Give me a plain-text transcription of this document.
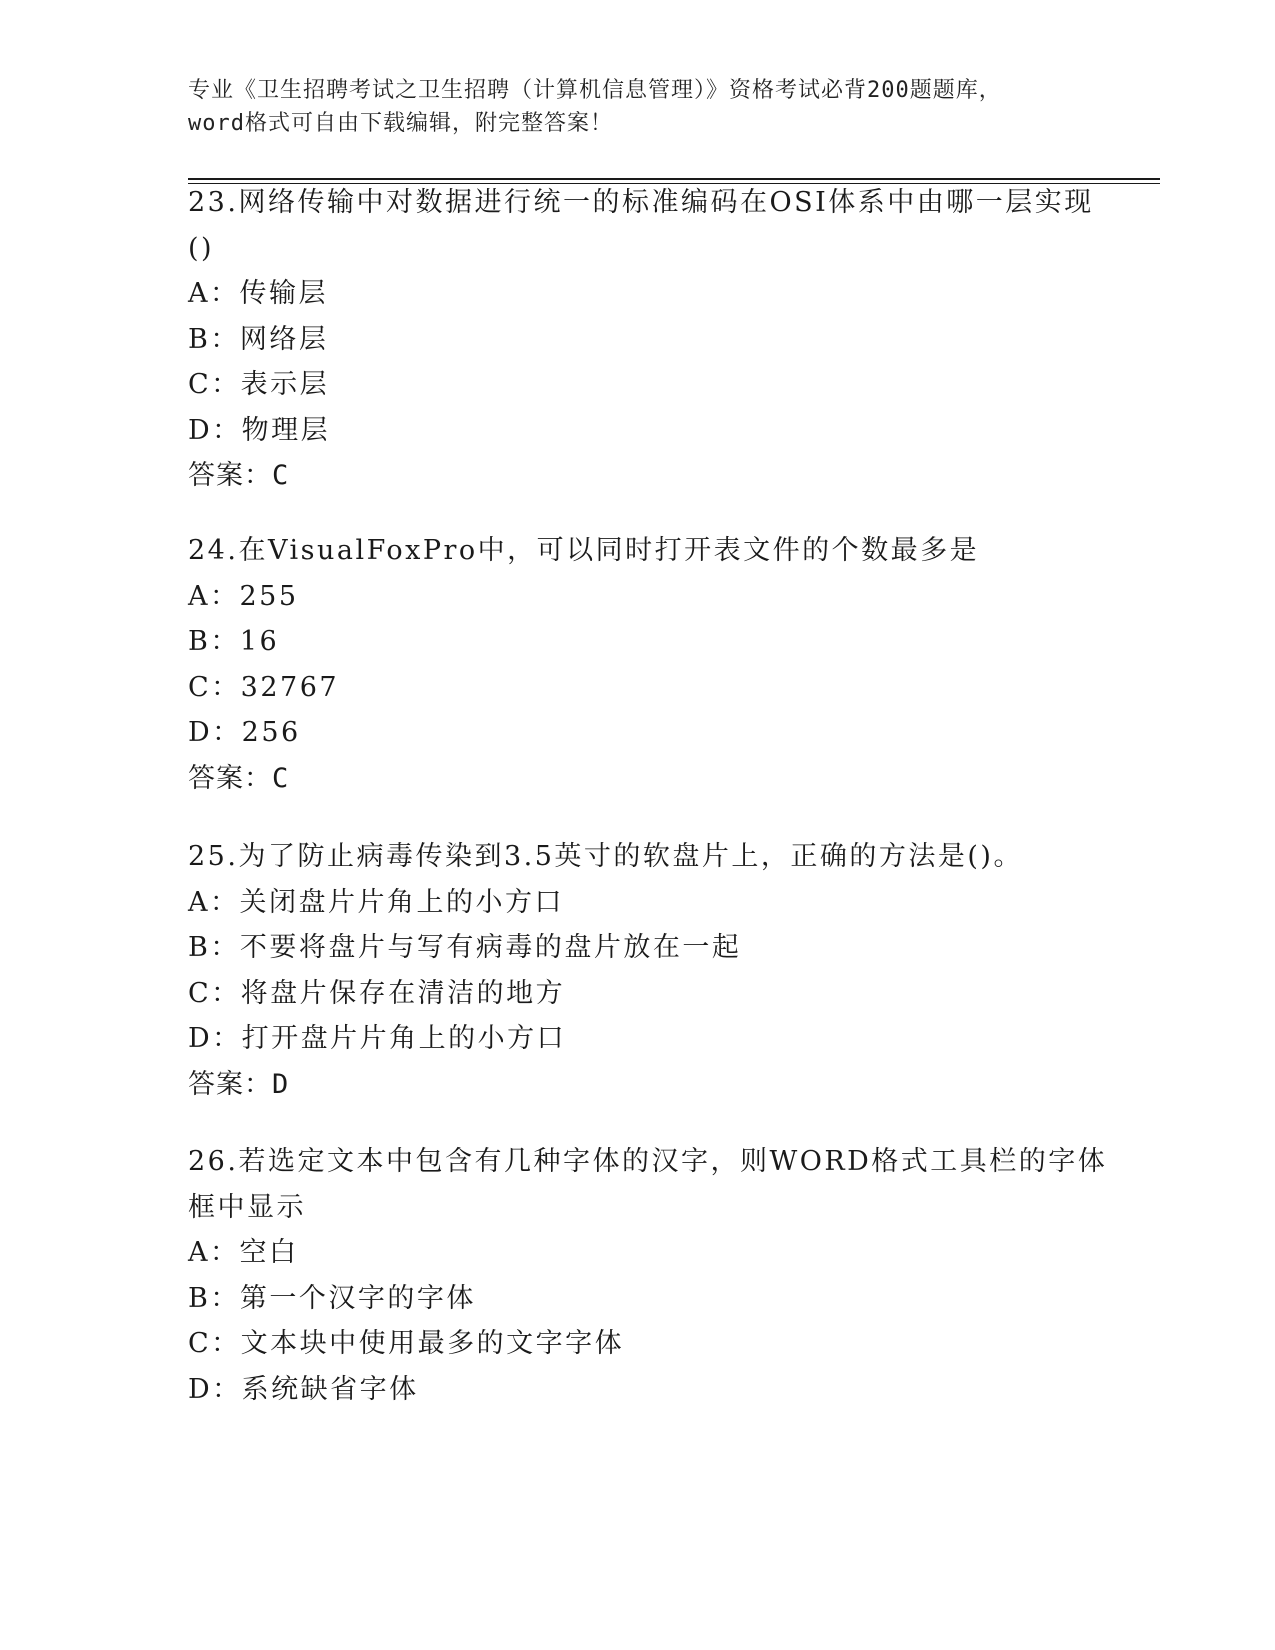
专业《卫生招聘考试之卫生招聘（计算机信息管理）》资格考试必背200题题库，
word格式可自由下载编辑，附完整答案！
23.网络传输中对数据进行统一的标准编码在OSI体系中由哪一层实现
()
A：传输层
B：网络层
C：表示层
D：物理层
答案：C
24.在VisualFoxPro中，可以同时打开表文件的个数最多是
A：255
B：16
C：32767
D：256
答案：C
25.为了防止病毒传染到3.5英寸的软盘片上，正确的方法是()。
A：关闭盘片片角上的小方口
B：不要将盘片与写有病毒的盘片放在一起
C：将盘片保存在清洁的地方
D：打开盘片片角上的小方口
答案：D
26.若选定文本中包含有几种字体的汉字，则WORD格式工具栏的字体
框中显示
A：空白
B：第一个汉字的字体
C：文本块中使用最多的文字字体
D：系统缺省字体
